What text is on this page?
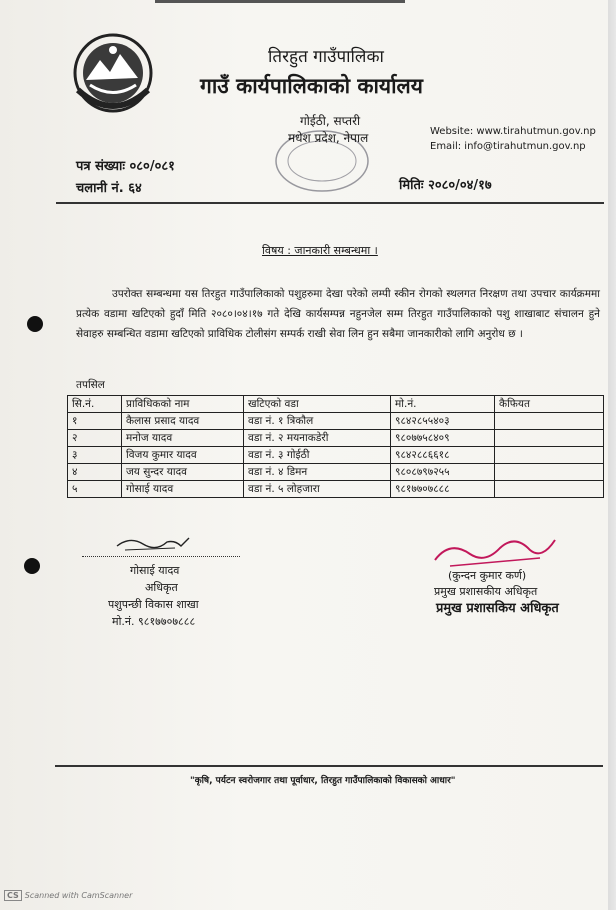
तिरहुत गाउँपालिका
गाउँ कार्यपालिकाको कार्यालय
गोईठी, सप्तरी
मधेश प्रदेश, नेपाल	Website: www.tirahutmun.gov.np
Email: info@tirahutmun.gov.np
पत्र संख्याः ०८०/०८१
चलानी नं. ६४	मितिः २०८०/०४/१७
विषय : जानकारी सम्बन्धमा ।

उपरोक्त सम्बन्धमा यस तिरहुत गाउँपालिकाको पशुहरुमा देखा परेको लम्पी स्कीन रोगको स्थलगत निरक्षण तथा उपचार कार्यक्रममा प्रत्येक वडामा खटिएको हुदाँ मिति २०८०।०४।१७ गते देखि कार्यसम्पन्न नहुनजेल सम्म तिरहुत गाउँपालिकाको पशु शाखाबाट संचालन हुने सेवाहरु सम्बन्धित वडामा खटिएको प्राविधिक टोलीसंग सम्पर्क राखी सेवा लिन हुन सबैमा जानकारीको लागि अनुरोध छ ।

तपसिल
सि.नं.	प्राविधिकको नाम	खटिएको वडा	मो.नं.	कैफियत
१	कैलास प्रसाद यादव	वडा नं. १ त्रिकौल	९८४२८५५४०३	
२	मनोज यादव	वडा नं. २ मयनाकडेरी	९८०७७५८४०९	
३	विजय कुमार यादव	वडा नं. ३ गोईठी	९८४२८८६६१८	
४	जय सुन्दर यादव	वडा नं. ४ डिमन	९८०८७९७२५५	
५	गोसाई यादव	वडा नं. ५ लोहजारा	९८१७७०७८८८	
गोसाई यादव
अधिकृत
पशुपन्छी विकास शाखा
मो.नं. ९८१७७०७८८८
(कुन्दन कुमार कर्ण)
प्रमुख प्रशासकीय अधिकृत
प्रमुख प्रशासकिय अधिकृत
"कृषि, पर्यटन स्वरोजगार तथा पूर्वाधार, तिरहुत गाउँपालिकाको विकासको आधार"
CS Scanned with CamScanner
